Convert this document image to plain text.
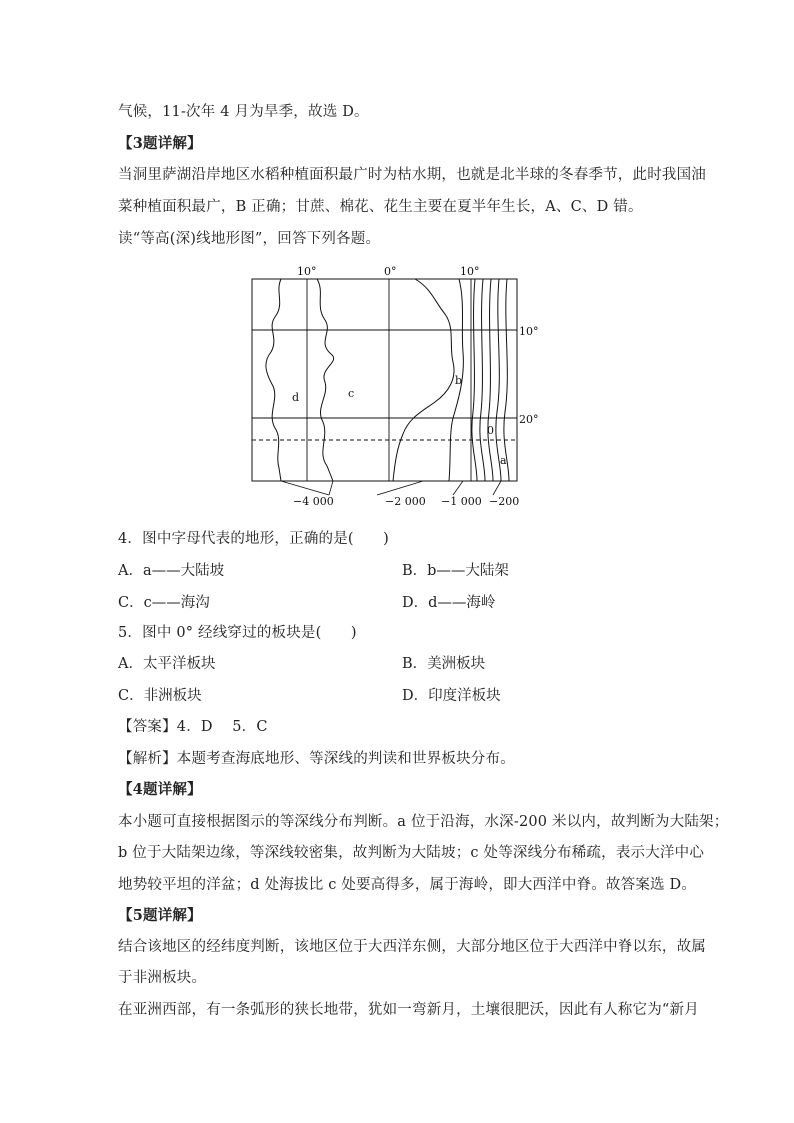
气候，11-次年 4 月为旱季，故选 D。
【3题详解】
当洞里萨湖沿岸地区水稻种植面积最广时为枯水期，也就是北半球的冬春季节，此时我国油
菜种植面积最广，B 正确；甘蔗、棉花、花生主要在夏半年生长，A、C、D 错。
读“等高(深)线地形图”，回答下列各题。
10°	0°	10°
10°
20°
d	c
b
0
a
−4 000	−2 000 −1 000 −200
4．图中字母代表的地形，正确的是(　　)
A．a——大陆坡	B．b——大陆架
C．c——海沟	D．d——海岭
5．图中 0° 经线穿过的板块是(　　)
A．太平洋板块	B．美洲板块
C．非洲板块	D．印度洋板块
【答案】4．D　 5．C
【解析】本题考查海底地形、等深线的判读和世界板块分布。
【4题详解】
本小题可直接根据图示的等深线分布判断。a 位于沿海，水深-200 米以内，故判断为大陆架；
b 位于大陆架边缘，等深线较密集，故判断为大陆坡；c 处等深线分布稀疏，表示大洋中心
地势较平坦的洋盆；d 处海拔比 c 处要高得多，属于海岭，即大西洋中脊。故答案选 D。
【5题详解】
结合该地区的经纬度判断，该地区位于大西洋东侧，大部分地区位于大西洋中脊以东，故属
于非洲板块。
在亚洲西部，有一条弧形的狭长地带，犹如一弯新月，土壤很肥沃，因此有人称它为“新月
